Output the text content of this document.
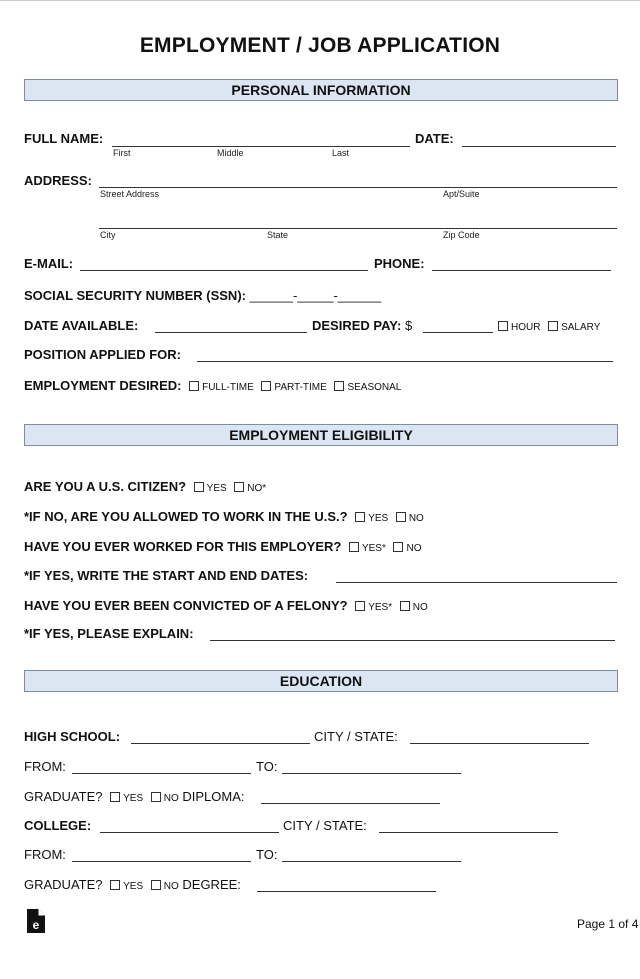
EMPLOYMENT / JOB APPLICATION
PERSONAL INFORMATION
FULL NAME:	DATE:
First	Middle	Last
ADDRESS:
Street Address	Apt/Suite
City	State	Zip Code
E-MAIL:	PHONE:
SOCIAL SECURITY NUMBER (SSN): ______-_____-______
DATE AVAILABLE:	DESIRED PAY: $	HOUR SALARY
POSITION APPLIED FOR:
EMPLOYMENT DESIRED: FULL-TIME PART-TIME SEASONAL
EMPLOYMENT ELIGIBILITY
ARE YOU A U.S. CITIZEN? YES NO*
*IF NO, ARE YOU ALLOWED TO WORK IN THE U.S.? YES NO
HAVE YOU EVER WORKED FOR THIS EMPLOYER? YES* NO
*IF YES, WRITE THE START AND END DATES:
HAVE YOU EVER BEEN CONVICTED OF A FELONY? YES* NO
*IF YES, PLEASE EXPLAIN:
EDUCATION
HIGH SCHOOL:	CITY / STATE:
FROM:	TO:
GRADUATE? YES NO DIPLOMA:
COLLEGE:	CITY / STATE:
FROM:	TO:
GRADUATE? YES NO DEGREE:
e	Page 1 of 4
